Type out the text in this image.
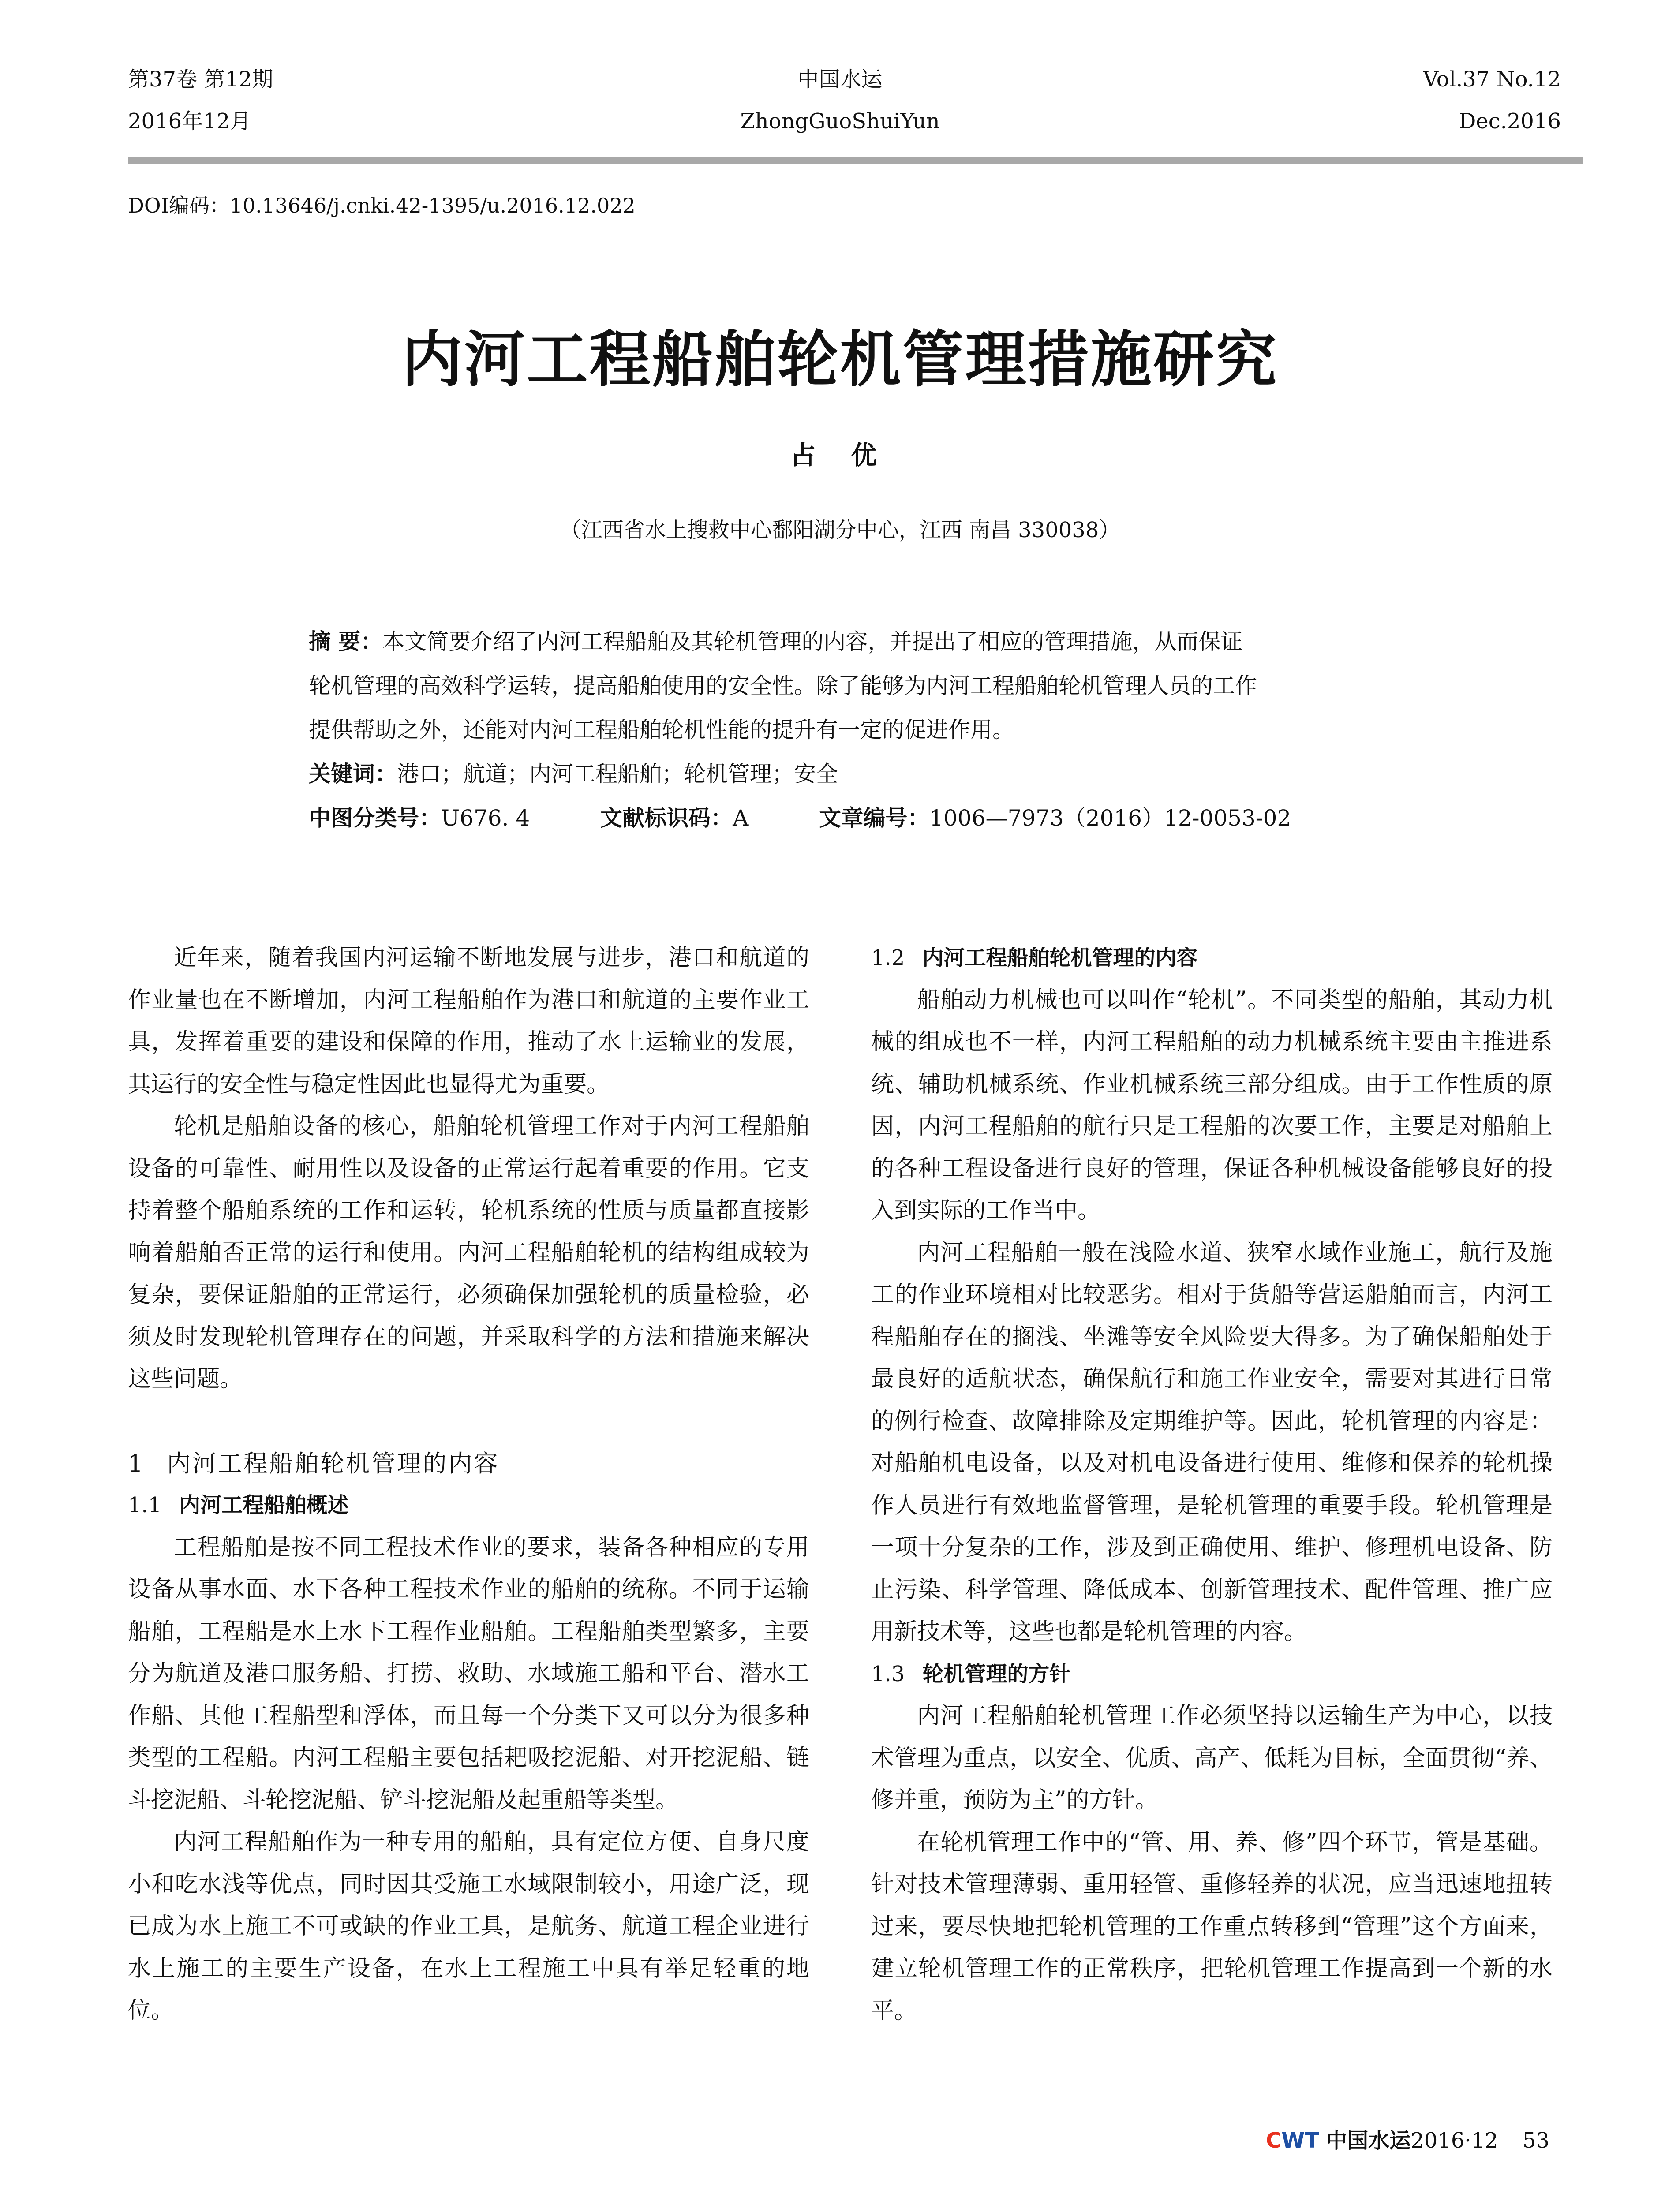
第37卷 第12期
2016年12月
中国水运
ZhongGuoShuiYun
Vol.37 No.12
Dec.2016
DOI编码：10.13646/j.cnki.42-1395/u.2016.12.022
内河工程船舶轮机管理措施研究
占 优
（江西省水上搜救中心鄱阳湖分中心，江西 南昌 330038）
摘 要：本文简要介绍了内河工程船舶及其轮机管理的内容，并提出了相应的管理措施，从而保证
轮机管理的高效科学运转，提高船舶使用的安全性。除了能够为内河工程船舶轮机管理人员的工作
提供帮助之外，还能对内河工程船舶轮机性能的提升有一定的促进作用。
关键词：港口；航道；内河工程船舶；轮机管理；安全
中图分类号：U676. 4	文献标识码：A	文章编号：1006—7973（2016）12-0053-02

近年来，随着我国内河运输不断地发展与进步，港口和航道的作业量也在不断增加，内河工程船舶作为港口和航道的主要作业工具，发挥着重要的建设和保障的作用，推动了水上运输业的发展，其运行的安全性与稳定性因此也显得尤为重要。

轮机是船舶设备的核心，船舶轮机管理工作对于内河工程船舶设备的可靠性、耐用性以及设备的正常运行起着重要的作用。它支持着整个船舶系统的工作和运转，轮机系统的性质与质量都直接影响着船舶否正常的运行和使用。内河工程船舶轮机的结构组成较为复杂，要保证船舶的正常运行，必须确保加强轮机的质量检验，必须及时发现轮机管理存在的问题，并采取科学的方法和措施来解决这些问题。

1 内河工程船舶轮机管理的内容
1.1 内河工程船舶概述

工程船舶是按不同工程技术作业的要求，装备各种相应的专用设备从事水面、水下各种工程技术作业的船舶的统称。不同于运输船舶，工程船是水上水下工程作业船舶。工程船舶类型繁多，主要分为航道及港口服务船、打捞、救助、水域施工船和平台、潜水工作船、其他工程船型和浮体，而且每一个分类下又可以分为很多种类型的工程船。内河工程船主要包括耙吸挖泥船、对开挖泥船、链斗挖泥船、斗轮挖泥船、铲斗挖泥船及起重船等类型。

内河工程船舶作为一种专用的船舶，具有定位方便、自身尺度小和吃水浅等优点，同时因其受施工水域限制较小，用途广泛，现已成为水上施工不可或缺的作业工具，是航务、航道工程企业进行水上施工的主要生产设备，在水上工程施工中具有举足轻重的地位。

1.2 内河工程船舶轮机管理的内容

船舶动力机械也可以叫作“轮机”。不同类型的船舶，其动力机械的组成也不一样，内河工程船舶的动力机械系统主要由主推进系统、辅助机械系统、作业机械系统三部分组成。由于工作性质的原因，内河工程船舶的航行只是工程船的次要工作，主要是对船舶上的各种工程设备进行良好的管理，保证各种机械设备能够良好的投入到实际的工作当中。

内河工程船舶一般在浅险水道、狭窄水域作业施工，航行及施工的作业环境相对比较恶劣。相对于货船等营运船舶而言，内河工程船舶存在的搁浅、坐滩等安全风险要大得多。为了确保船舶处于最良好的适航状态，确保航行和施工作业安全，需要对其进行日常的例行检查、故障排除及定期维护等。因此，轮机管理的内容是：对船舶机电设备，以及对机电设备进行使用、维修和保养的轮机操作人员进行有效地监督管理，是轮机管理的重要手段。轮机管理是一项十分复杂的工作，涉及到正确使用、维护、修理机电设备、防止污染、科学管理、降低成本、创新管理技术、配件管理、推广应用新技术等，这些也都是轮机管理的内容。

1.3 轮机管理的方针

内河工程船舶轮机管理工作必须坚持以运输生产为中心，以技术管理为重点，以安全、优质、高产、低耗为目标，全面贯彻“养、修并重，预防为主”的方针。

在轮机管理工作中的“管、用、养、修”四个环节，管是基础。针对技术管理薄弱、重用轻管、重修轻养的状况，应当迅速地扭转过来，要尽快地把轮机管理的工作重点转移到“管理”这个方面来，建立轮机管理工作的正常秩序，把轮机管理工作提高到一个新的水平。

CWT 中国水运2016·12 53
